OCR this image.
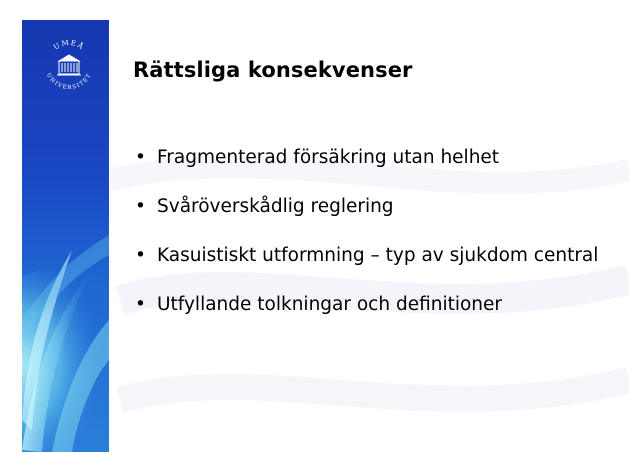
UMEÅ
UNIVERSITET Rättsliga konsekvenser
• Fragmenterad försäkring utan helhet
• Svåröverskådlig reglering
• Kasuistiskt utformning – typ av sjukdom central
• Utfyllande tolkningar och definitioner
